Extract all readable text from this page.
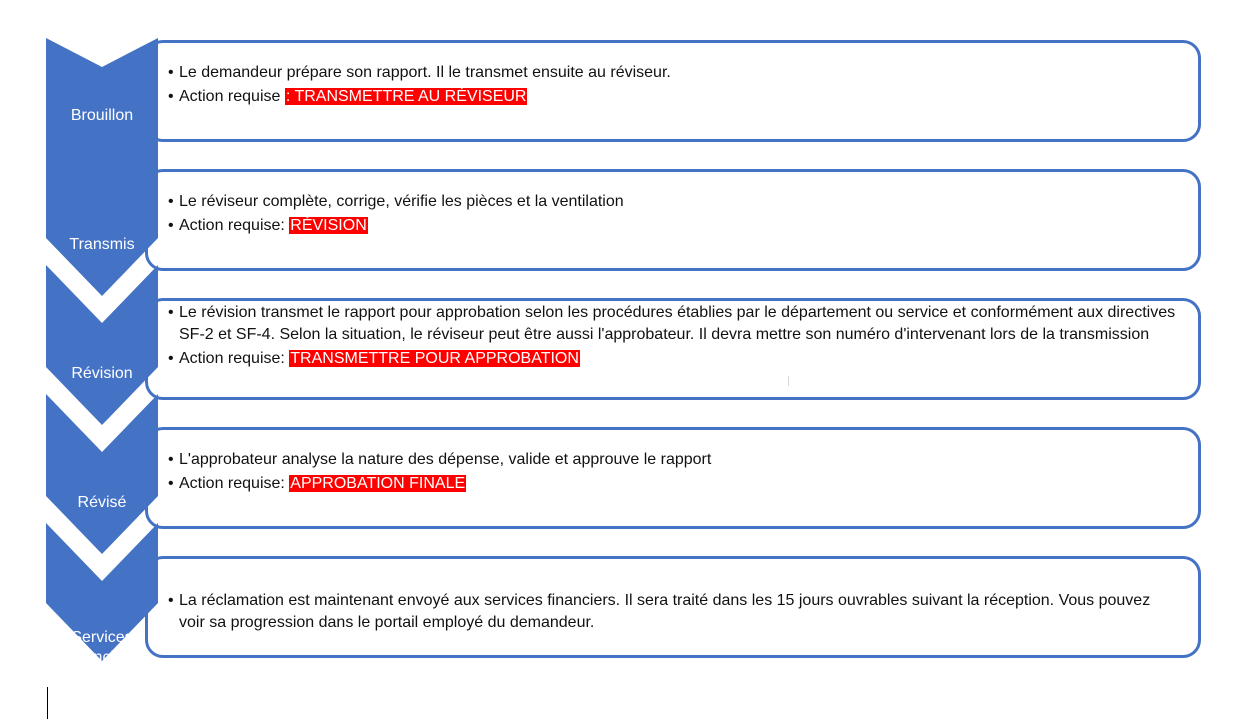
Brouillon
• Le demandeur prépare son rapport. Il le transmet ensuite au réviseur.
• Action requise : TRANSMETTRE AU RÉVISEUR
Transmis
• Le réviseur complète, corrige, vérifie les pièces et la ventilation
• Action requise: RÉVISION
Révision
• Le révision transmet le rapport pour approbation selon les procédures établies par le département ou service et conformément aux directives SF-2 et SF-4. Selon la situation, le réviseur peut être aussi l'approbateur. Il devra mettre son numéro d'intervenant lors de la transmission
• Action requise: TRANSMETTRE POUR APPROBATION
Révisé
• L'approbateur analyse la nature des dépense, valide et approuve le rapport
• Action requise: APPROBATION FINALE
Services financiers
• La réclamation est maintenant envoyé aux services financiers. Il sera traité dans les 15 jours ouvrables suivant la réception. Vous pouvez voir sa progression dans le portail employé du demandeur.
